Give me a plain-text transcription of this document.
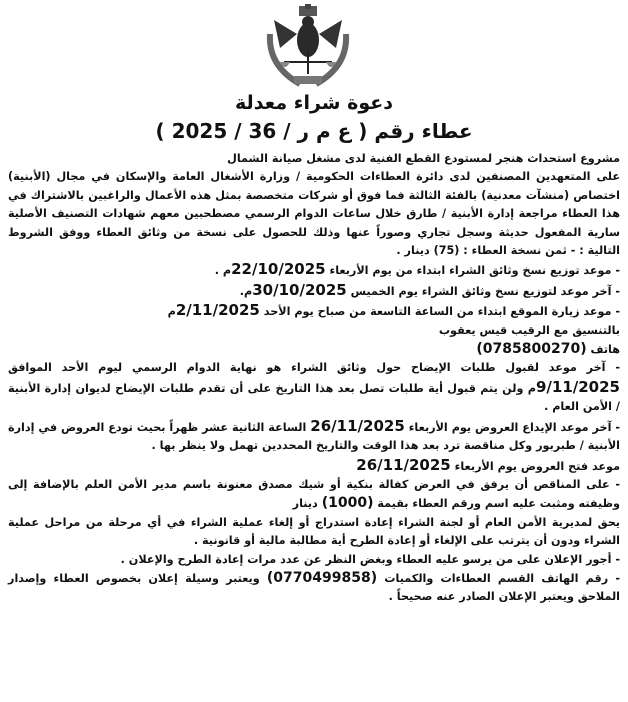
دعوة شراء معدلة
عطاء رقم ( ع م ر / 36 / 2025 )

مشروع استحداث هنجر لمستودع القطع الفنية لدى مشغل صيانة الشمال

على المتعهدين المصنفين لدى دائرة العطاءات الحكومية / وزارة الأشغال العامة والإسكان في مجال (الأبنية) اختصاص (منشآت معدنية) بالفئة الثالثة فما فوق أو شركات متخصصة بمثل هذه الأعمال والراغبين بالاشتراك في هذا العطاء مراجعة إدارة الأبنية / طارق خلال ساعات الدوام الرسمي مصطحبين معهم شهادات التصنيف الأصلية سارية المفعول حديثة وسجل تجاري وصوراً عنها وذلك للحصول على نسخة من وثائق العطاء ووفق الشروط التالية : - ثمن نسخة العطاء : (75) دينار .

- موعد توزيع نسخ وثائق الشراء ابتداء من يوم الأربعاء 22/10/2025م .

- آخر موعد لتوزيع نسخ وثائق الشراء يوم الخميس 30/10/2025م.

- موعد زيارة الموقع ابتداء من الساعة التاسعة من صباح يوم الأحد 2/11/2025م

بالتنسيق مع الرقيب قيس يعقوب

هاتف (0785800270)

- آخر موعد لقبول طلبات الإيضاح حول وثائق الشراء هو نهاية الدوام الرسمي ليوم الأحد الموافق 9/11/2025م ولن يتم قبول أية طلبات تصل بعد هذا التاريخ على أن تقدم طلبات الإيضاح لديوان إدارة الأبنية / الأمن العام .

- آخر موعد الإيداع العروض يوم الأربعاء 26/11/2025 الساعة الثانية عشر ظهراً بحيث تودع العروض في إدارة الأبنية / طبربور وكل مناقصة ترد بعد هذا الوقت والتاريخ المحددين تهمل ولا ينظر بها .

موعد فتح العروض يوم الأربعاء 26/11/2025

- على المناقص أن يرفق في العرض كفالة بنكية أو شيك مصدق معنونة باسم مدير الأمن العلم بالإضافة إلى وظيفته ومثبت عليه اسم ورقم العطاء بقيمة (1000) دينار

يحق لمديرية الأمن العام أو لجنة الشراء إعادة استدراج أو إلغاء عملية الشراء في أي مرحلة من مراحل عملية الشراء ودون أن يترتب على الإلغاء أو إعادة الطرح أية مطالبة مالية أو قانونية .

- أجور الإعلان على من يرسو عليه العطاء وبغض النظر عن عدد مرات إعادة الطرح والإعلان .

- رقم الهاتف القسم العطاءات والكميات (0770499858) ويعتبر وسيلة إعلان بخصوص العطاء وإصدار الملاحق ويعتبر الإعلان الصادر عنه صحيحاً .
